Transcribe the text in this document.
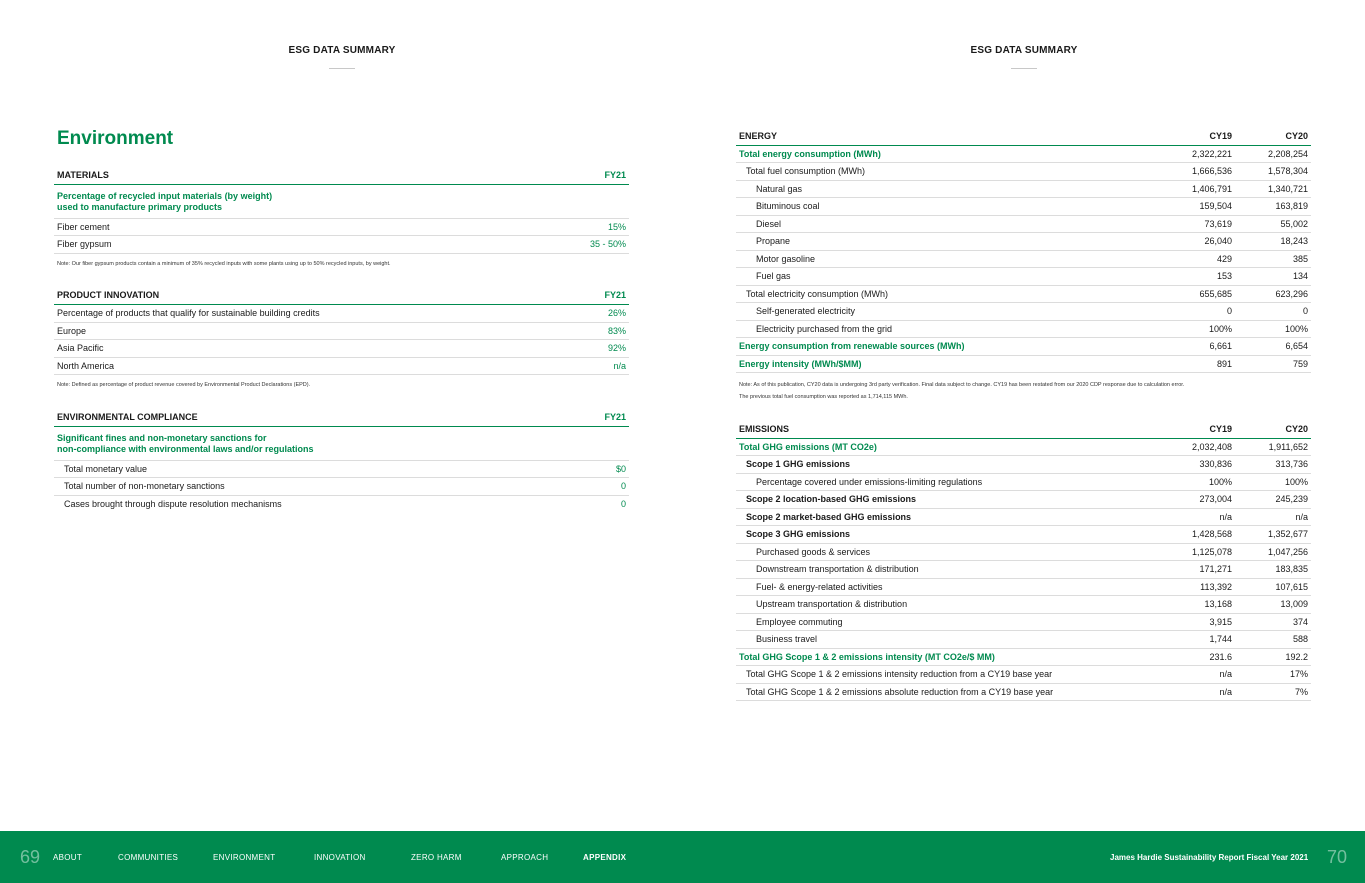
ESG DATA SUMMARY	ESG DATA SUMMARY
Environment
MATERIALS	FY21

Percentage of recycled input materials (by weight)
used to manufacture primary products	

Fiber cement	15%
Fiber gypsum	35 - 50%
Note: Our fiber gypsum products contain a minimum of 35% recycled inputs with some plants using up to 50% recycled inputs, by weight.
PRODUCT INNOVATION	FY21
Percentage of products that qualify for sustainable building credits	26%
Europe	83%
Asia Pacific	92%
North America	n/a
Note: Defined as percentage of product revenue covered by Environmental Product Declarations (EPD).
ENVIRONMENTAL COMPLIANCE	FY21

Significant fines and non-monetary sanctions for
non-compliance with environmental laws and/or regulations	

Total monetary value	$0
Total number of non-monetary sanctions	0
Cases brought through dispute resolution mechanisms	0
ENERGY	CY19	CY20
Total energy consumption (MWh)	2,322,221	2,208,254
Total fuel consumption (MWh)	1,666,536	1,578,304
Natural gas	1,406,791	1,340,721
Bituminous coal	159,504	163,819
Diesel	73,619	55,002
Propane	26,040	18,243
Motor gasoline	429	385
Fuel gas	153	134
Total electricity consumption (MWh)	655,685	623,296
Self-generated electricity	0	0
Electricity purchased from the grid	100%	100%
Energy consumption from renewable sources (MWh)	6,661	6,654
Energy intensity (MWh/$MM)	891	759
Note: As of this publication, CY20 data is undergoing 3rd party verification. Final data subject to change. CY19 has been restated from our 2020 CDP response due to calculation error.
The previous total fuel consumption was reported as 1,714,115 MWh.
EMISSIONS	CY19	CY20
Total GHG emissions (MT CO2e)	2,032,408	1,911,652
Scope 1 GHG emissions	330,836	313,736
Percentage covered under emissions-limiting regulations	100%	100%
Scope 2 location-based GHG emissions	273,004	245,239
Scope 2 market-based GHG emissions	n/a	n/a
Scope 3 GHG emissions	1,428,568	1,352,677
Purchased goods & services	1,125,078	1,047,256
Downstream transportation & distribution	171,271	183,835
Fuel- & energy-related activities	113,392	107,615
Upstream transportation & distribution	13,168	13,009
Employee commuting	3,915	374
Business travel	1,744	588
Total GHG Scope 1 & 2 emissions intensity (MT CO2e/$ MM)	231.6	192.2
Total GHG Scope 1 & 2 emissions intensity reduction from a CY19 base year	n/a	17%
Total GHG Scope 1 & 2 emissions absolute reduction from a CY19 base year	n/a	7%
69 ABOUT	COMMUNITIES	ENVIRONMENT	INNOVATION	ZERO HARM	APPROACH	APPENDIX	James Hardie Sustainability Report Fiscal Year 2021 70
